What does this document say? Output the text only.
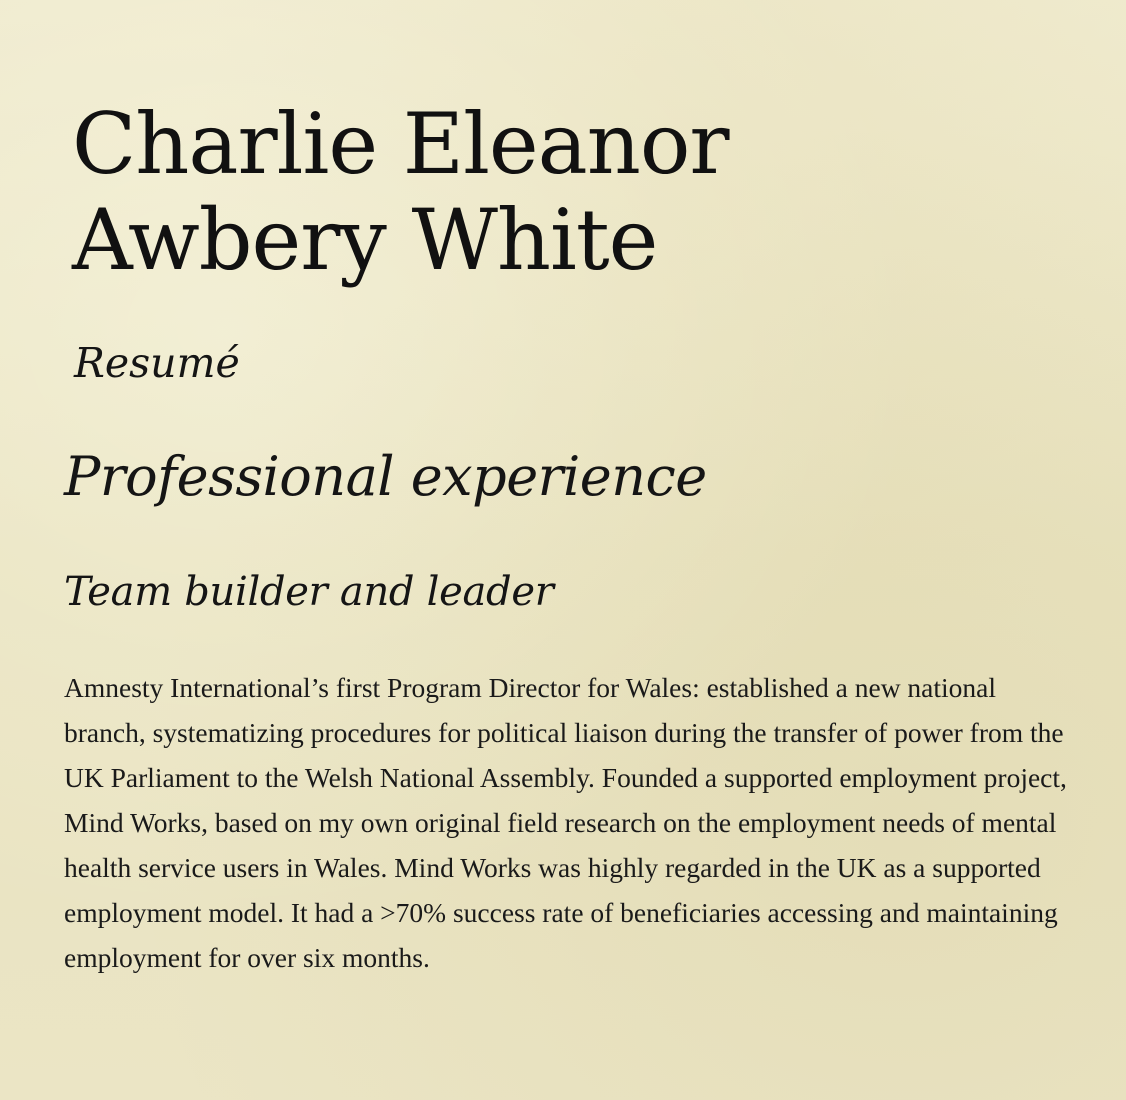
Charlie Eleanor Awbery White
Resumé
Professional experience
Team builder and leader

Amnesty International’s first Program Director for Wales: established a new national branch, systematizing procedures for political liaison during the transfer of power from the UK Parliament to the Welsh National Assembly. Founded a supported employment project, Mind Works, based on my own original field research on the employment needs of mental health service users in Wales. Mind Works was highly regarded in the UK as a supported employment model. It had a >70% success rate of beneficiaries accessing and maintaining employment for over six months.
